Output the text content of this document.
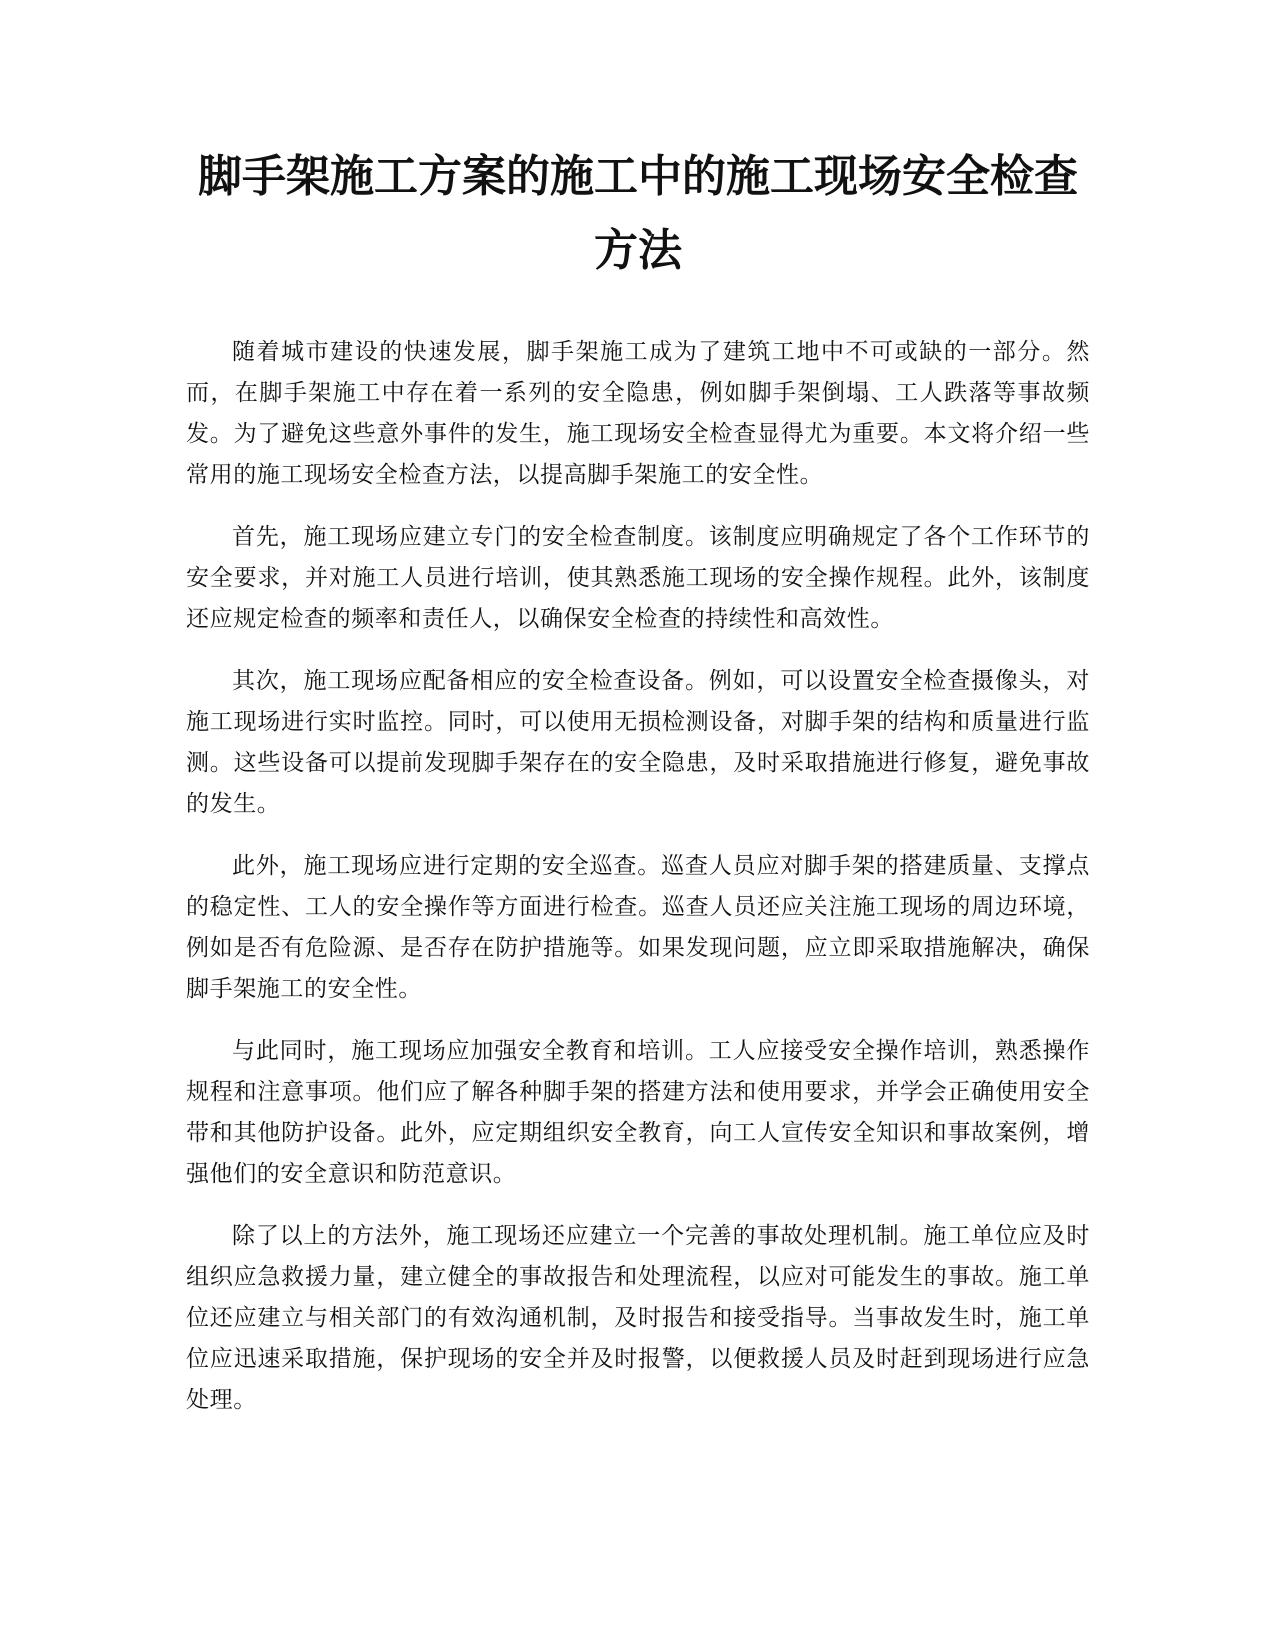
脚手架施工方案的施工中的施工现场安全检查方法

随着城市建设的快速发展，脚手架施工成为了建筑工地中不可或缺的一部分。然而，在脚手架施工中存在着一系列的安全隐患，例如脚手架倒塌、工人跌落等事故频发。为了避免这些意外事件的发生，施工现场安全检查显得尤为重要。本文将介绍一些常用的施工现场安全检查方法，以提高脚手架施工的安全性。

首先，施工现场应建立专门的安全检查制度。该制度应明确规定了各个工作环节的安全要求，并对施工人员进行培训，使其熟悉施工现场的安全操作规程。此外，该制度还应规定检查的频率和责任人，以确保安全检查的持续性和高效性。

其次，施工现场应配备相应的安全检查设备。例如，可以设置安全检查摄像头，对施工现场进行实时监控。同时，可以使用无损检测设备，对脚手架的结构和质量进行监测。这些设备可以提前发现脚手架存在的安全隐患，及时采取措施进行修复，避免事故的发生。

此外，施工现场应进行定期的安全巡查。巡查人员应对脚手架的搭建质量、支撑点的稳定性、工人的安全操作等方面进行检查。巡查人员还应关注施工现场的周边环境，例如是否有危险源、是否存在防护措施等。如果发现问题，应立即采取措施解决，确保脚手架施工的安全性。

与此同时，施工现场应加强安全教育和培训。工人应接受安全操作培训，熟悉操作规程和注意事项。他们应了解各种脚手架的搭建方法和使用要求，并学会正确使用安全带和其他防护设备。此外，应定期组织安全教育，向工人宣传安全知识和事故案例，增强他们的安全意识和防范意识。

除了以上的方法外，施工现场还应建立一个完善的事故处理机制。施工单位应及时组织应急救援力量，建立健全的事故报告和处理流程，以应对可能发生的事故。施工单位还应建立与相关部门的有效沟通机制，及时报告和接受指导。当事故发生时，施工单位应迅速采取措施，保护现场的安全并及时报警，以便救援人员及时赶到现场进行应急处理。
